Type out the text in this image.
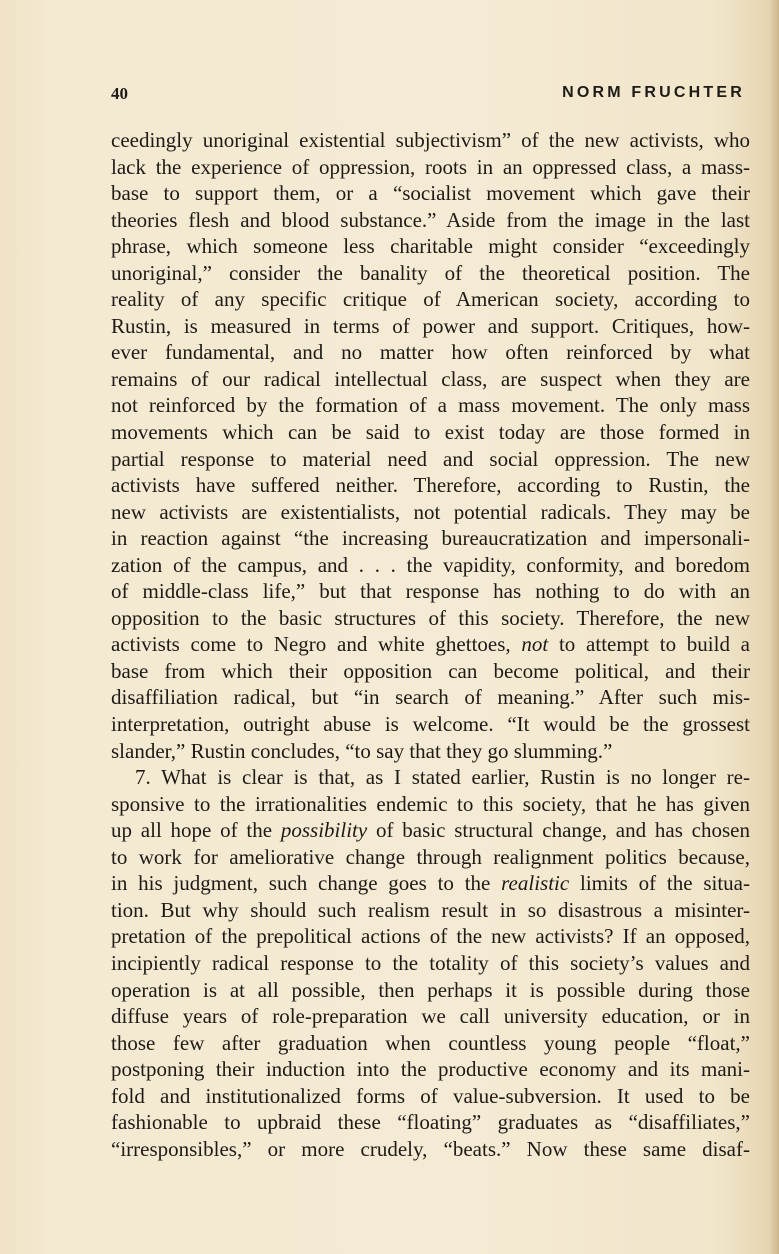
40	NORM FRUCHTER
ceedingly unoriginal existential subjectivism” of the new activists, who
lack the experience of oppression, roots in an oppressed class, a mass-
base to support them, or a “socialist movement which gave their
theories flesh and blood substance.” Aside from the image in the last
phrase, which someone less charitable might consider “exceedingly
unoriginal,” consider the banality of the theoretical position. The
reality of any specific critique of American society, according to
Rustin, is measured in terms of power and support. Critiques, how-
ever fundamental, and no matter how often reinforced by what
remains of our radical intellectual class, are suspect when they are
not reinforced by the formation of a mass movement. The only mass
movements which can be said to exist today are those formed in
partial response to material need and social oppression. The new
activists have suffered neither. Therefore, according to Rustin, the
new activists are existentialists, not potential radicals. They may be
in reaction against “the increasing bureaucratization and impersonali-
zation of the campus, and . . . the vapidity, conformity, and boredom
of middle-class life,” but that response has nothing to do with an
opposition to the basic structures of this society. Therefore, the new
activists come to Negro and white ghettoes, not to attempt to build a
base from which their opposition can become political, and their
disaffiliation radical, but “in search of meaning.” After such mis-
interpretation, outright abuse is welcome. “It would be the grossest
slander,” Rustin concludes, “to say that they go slumming.”
7. What is clear is that, as I stated earlier, Rustin is no longer re-
sponsive to the irrationalities endemic to this society, that he has given
up all hope of the possibility of basic structural change, and has chosen
to work for ameliorative change through realignment politics because,
in his judgment, such change goes to the realistic limits of the situa-
tion. But why should such realism result in so disastrous a misinter-
pretation of the prepolitical actions of the new activists? If an opposed,
incipiently radical response to the totality of this society’s values and
operation is at all possible, then perhaps it is possible during those
diffuse years of role-preparation we call university education, or in
those few after graduation when countless young people “float,”
postponing their induction into the productive economy and its mani-
fold and institutionalized forms of value-subversion. It used to be
fashionable to upbraid these “floating” graduates as “disaffiliates,”
“irresponsibles,” or more crudely, “beats.” Now these same disaf-
